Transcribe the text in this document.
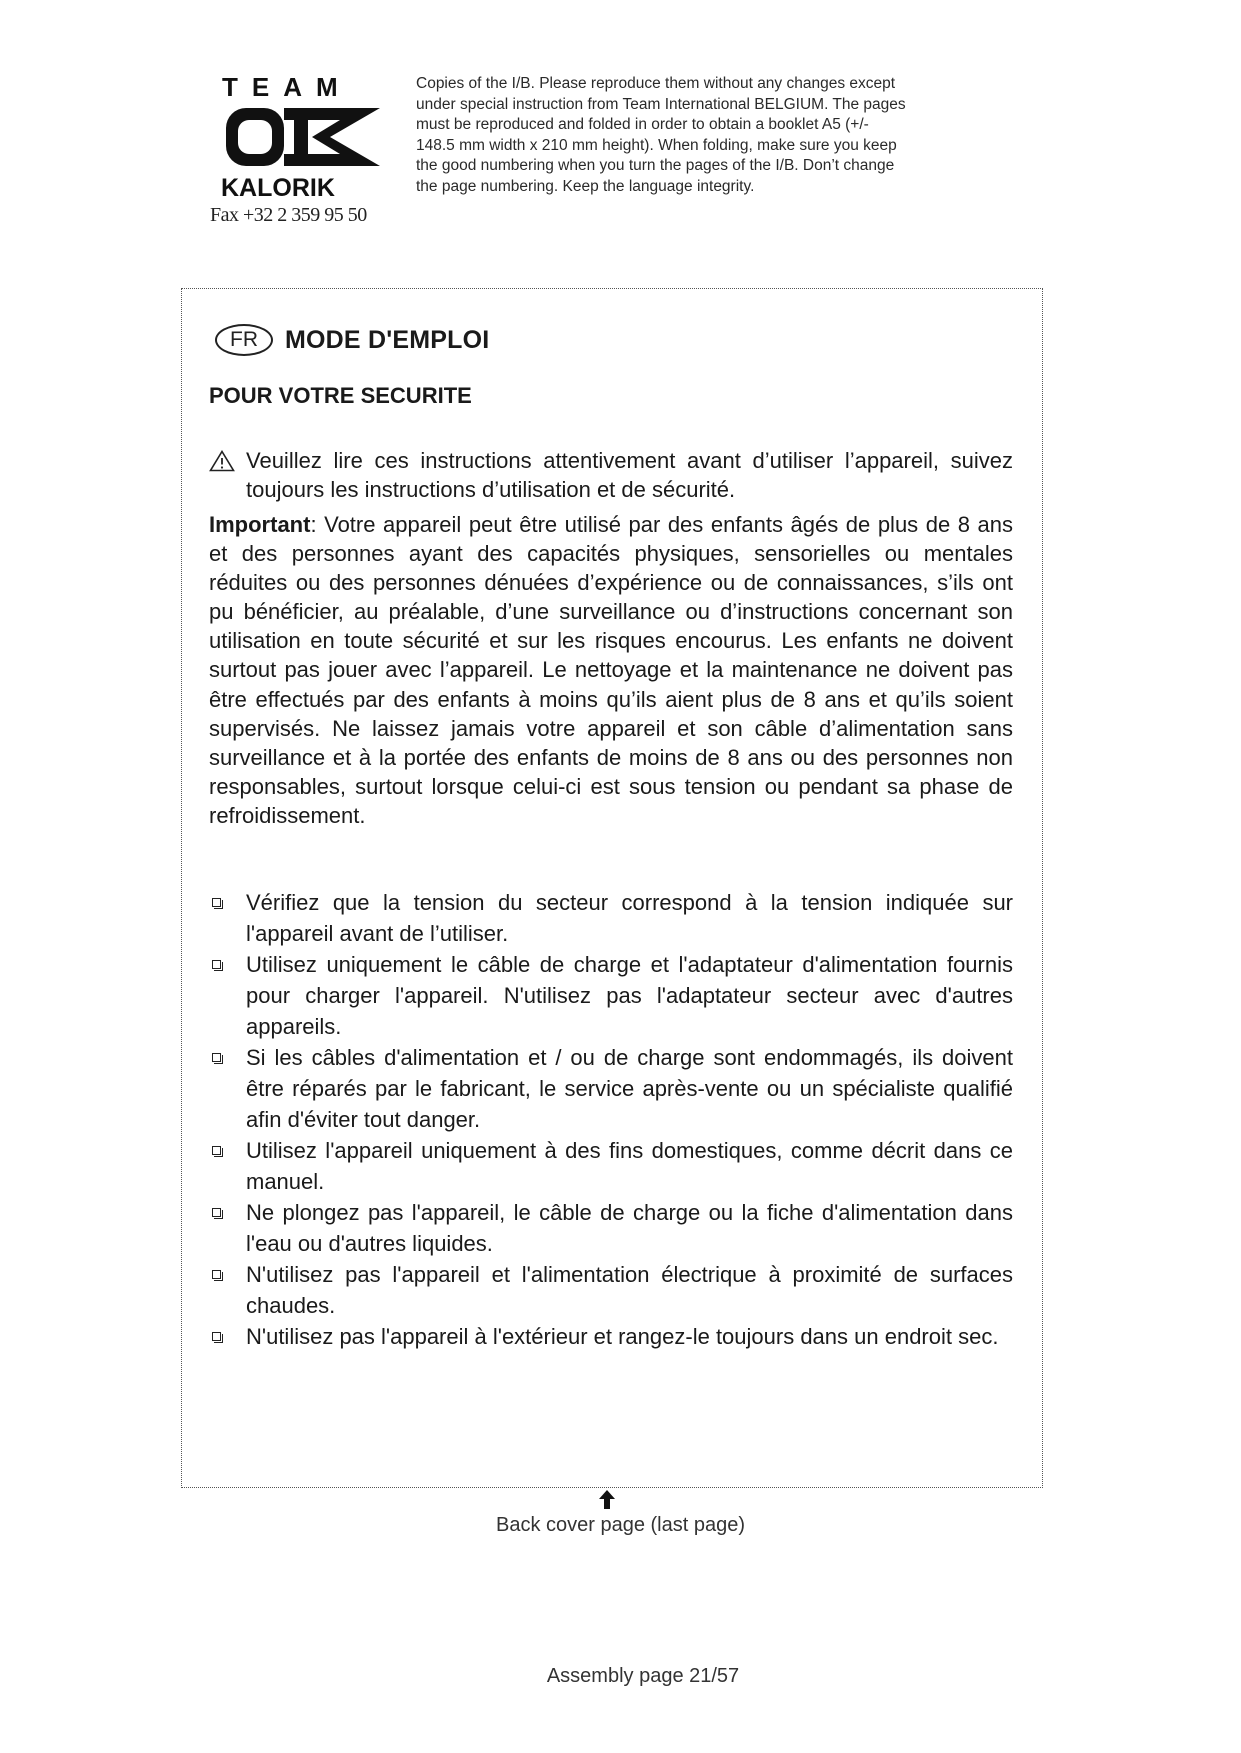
TEAM
KALORIK
Fax +32 2 359 95 50
Copies of the I/B. Please reproduce them without any changes except
under special instruction from Team International BELGIUM. The pages
must be reproduced and folded in order to obtain a booklet A5 (+/-
148.5 mm width x 210 mm height). When folding, make sure you keep
the good numbering when you turn the pages of the I/B. Don’t change
the page numbering. Keep the language integrity.
FR	MODE D'EMPLOI
POUR VOTRE SECURITE
Veuillez lire ces instructions attentivement avant d’utiliser l’appareil, suivez toujours les instructions d’utilisation et de sécurité.
Important: Votre appareil peut être utilisé par des enfants âgés de plus de 8 ans et des personnes ayant des capacités physiques, sensorielles ou mentales réduites ou des personnes dénuées d’expérience ou de connaissances, s’ils ont pu bénéficier, au préalable, d’une surveillance ou d’instructions concernant son utilisation en toute sécurité et sur les risques encourus. Les enfants ne doivent surtout pas jouer avec l’appareil. Le nettoyage et la maintenance ne doivent pas être effectués par des enfants à moins qu’ils aient plus de 8 ans et qu’ils soient supervisés. Ne laissez jamais votre appareil et son câble d’alimentation sans surveillance et à la portée des enfants de moins de 8 ans ou des personnes non responsables, surtout lorsque celui-ci est sous tension ou pendant sa phase de refroidissement.
Vérifiez que la tension du secteur correspond à la tension indiquée sur l'appareil avant de l’utiliser.
Utilisez uniquement le câble de charge et l'adaptateur d'alimentation fournis pour charger l'appareil. N'utilisez pas l'adaptateur secteur avec d'autres appareils.
Si les câbles d'alimentation et / ou de charge sont endommagés, ils doivent être réparés par le fabricant, le service après-vente ou un spécialiste qualifié afin d'éviter tout danger.
Utilisez l'appareil uniquement à des fins domestiques, comme décrit dans ce manuel.
Ne plongez pas l'appareil, le câble de charge ou la fiche d'alimentation dans l'eau ou d'autres liquides.
N'utilisez pas l'appareil et l'alimentation électrique à proximité de surfaces chaudes.
N'utilisez pas l'appareil à l'extérieur et rangez-le toujours dans un endroit sec.
Back cover page (last page)
Assembly page 21/57
